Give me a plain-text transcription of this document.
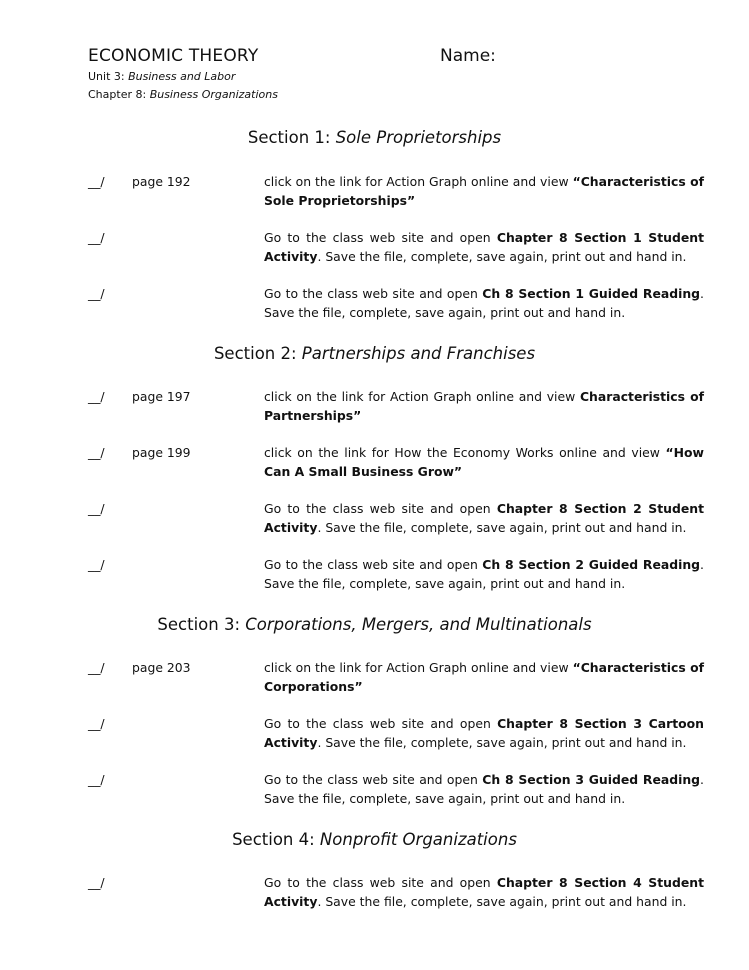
ECONOMIC THEORY	Name:
Unit 3: Business and Labor
Chapter 8: Business Organizations
Section 1: Sole Proprietorships
__/ page 192	click on the link for Action Graph online and view “Characteristics of Sole Proprietorships”
__/	Go to the class web site and open Chapter 8 Section 1 Student Activity. Save the file, complete, save again, print out and hand in.
__/	Go to the class web site and open Ch 8 Section 1 Guided Reading. Save the file, complete, save again, print out and hand in.
Section 2: Partnerships and Franchises
__/ page 197	click on the link for Action Graph online and view Characteristics of Partnerships”
__/ page 199	click on the link for How the Economy Works online and view “How Can A Small Business Grow”
__/	Go to the class web site and open Chapter 8 Section 2 Student Activity. Save the file, complete, save again, print out and hand in.
__/	Go to the class web site and open Ch 8 Section 2 Guided Reading. Save the file, complete, save again, print out and hand in.
Section 3: Corporations, Mergers, and Multinationals
__/ page 203	click on the link for Action Graph online and view “Characteristics of Corporations”
__/	Go to the class web site and open Chapter 8 Section 3 Cartoon Activity. Save the file, complete, save again, print out and hand in.
__/	Go to the class web site and open Ch 8 Section 3 Guided Reading. Save the file, complete, save again, print out and hand in.
Section 4: Nonprofit Organizations
__/	Go to the class web site and open Chapter 8 Section 4 Student Activity. Save the file, complete, save again, print out and hand in.
